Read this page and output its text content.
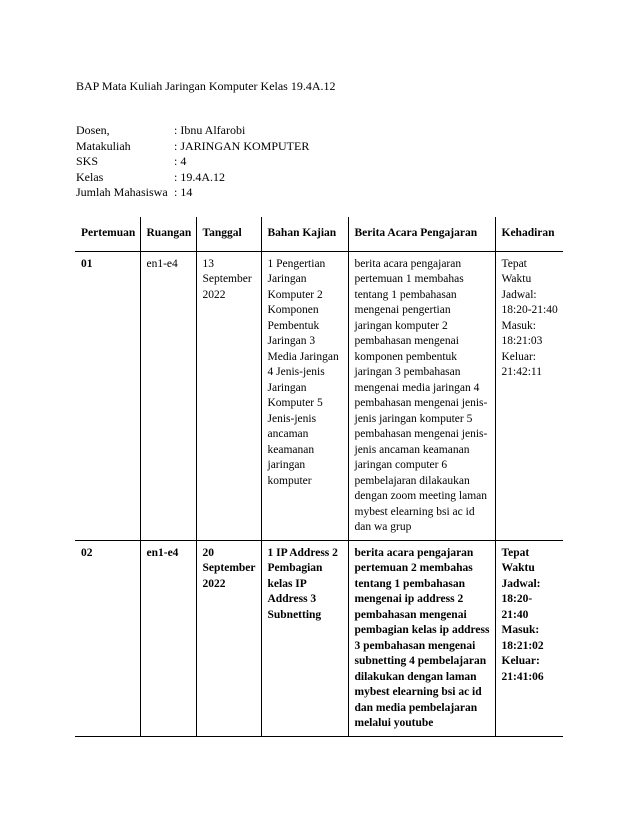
BAP Mata Kuliah Jaringan Komputer Kelas 19.4A.12
Dosen,	: Ibnu Alfarobi
Matakuliah	: JARINGAN KOMPUTER
SKS	: 4
Kelas	: 19.4A.12
Jumlah Mahasiswa : 14
Pertemuan	Ruangan	Tanggal	Bahan Kajian	Berita Acara Pengajaran	Kehadiran
01	en1-e4	13 September 2022	1 Pengertian Jaringan Komputer 2 Komponen Pembentuk Jaringan 3 Media Jaringan 4 Jenis-jenis Jaringan Komputer 5 Jenis-jenis ancaman keamanan jaringan komputer	berita acara pengajaran pertemuan 1 membahas tentang 1 pembahasan mengenai pengertian jaringan komputer 2 pembahasan mengenai komponen pembentuk jaringan 3 pembahasan mengenai media jaringan 4 pembahasan mengenai jenis-jenis jaringan komputer 5 pembahasan mengenai jenis-jenis ancaman keamanan jaringan computer 6 pembelajaran dilakaukan dengan zoom meeting laman mybest elearning bsi ac id dan wa grup	Tepat Waktu Jadwal: 18:20-21:40 Masuk: 18:21:03 Keluar: 21:42:11
02	en1-e4	20 September 2022	1 IP Address 2 Pembagian kelas IP Address 3 Subnetting	berita acara pengajaran pertemuan 2 membahas tentang 1 pembahasan mengenai ip address 2 pembahasan mengenai pembagian kelas ip address 3 pembahasan mengenai subnetting 4 pembelajaran dilakukan dengan laman mybest elearning bsi ac id dan media pembelajaran melalui youtube	Tepat Waktu Jadwal: 18:20-21:40 Masuk: 18:21:02 Keluar: 21:41:06
